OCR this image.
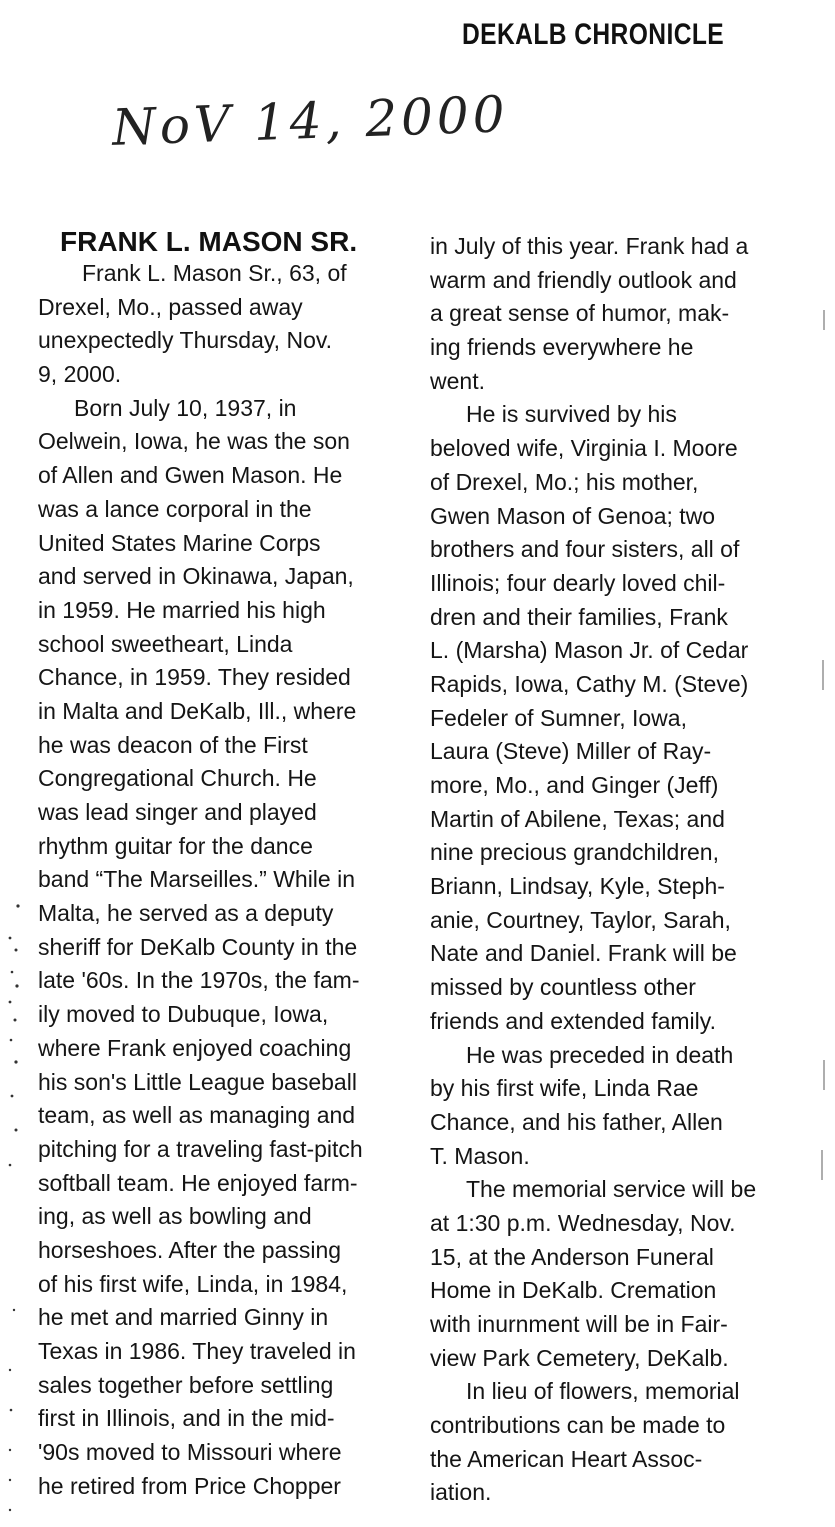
DEKALB CHRONICLE
NoV 14, 2000
FRANK L. MASON SR.
Frank L. Mason Sr., 63, of
Drexel, Mo., passed away
unexpectedly Thursday, Nov.
9, 2000.
Born July 10, 1937, in
Oelwein, Iowa, he was the son
of Allen and Gwen Mason. He
was a lance corporal in the
United States Marine Corps
and served in Okinawa, Japan,
in 1959. He married his high
school sweetheart, Linda
Chance, in 1959. They resided
in Malta and DeKalb, Ill., where
he was deacon of the First
Congregational Church. He
was lead singer and played
rhythm guitar for the dance
band “The Marseilles.” While in
Malta, he served as a deputy
sheriff for DeKalb County in the
late '60s. In the 1970s, the fam-
ily moved to Dubuque, Iowa,
where Frank enjoyed coaching
his son's Little League baseball
team, as well as managing and
pitching for a traveling fast-pitch
softball team. He enjoyed farm-
ing, as well as bowling and
horseshoes. After the passing
of his first wife, Linda, in 1984,
he met and married Ginny in
Texas in 1986. They traveled in
sales together before settling
first in Illinois, and in the mid-
'90s moved to Missouri where
he retired from Price Chopper
in July of this year. Frank had a
warm and friendly outlook and
a great sense of humor, mak-
ing friends everywhere he
went.
He is survived by his
beloved wife, Virginia I. Moore
of Drexel, Mo.; his mother,
Gwen Mason of Genoa; two
brothers and four sisters, all of
Illinois; four dearly loved chil-
dren and their families, Frank
L. (Marsha) Mason Jr. of Cedar
Rapids, Iowa, Cathy M. (Steve)
Fedeler of Sumner, Iowa,
Laura (Steve) Miller of Ray-
more, Mo., and Ginger (Jeff)
Martin of Abilene, Texas; and
nine precious grandchildren,
Briann, Lindsay, Kyle, Steph-
anie, Courtney, Taylor, Sarah,
Nate and Daniel. Frank will be
missed by countless other
friends and extended family.
He was preceded in death
by his first wife, Linda Rae
Chance, and his father, Allen
T. Mason.
The memorial service will be
at 1:30 p.m. Wednesday, Nov.
15, at the Anderson Funeral
Home in DeKalb. Cremation
with inurnment will be in Fair-
view Park Cemetery, DeKalb.
In lieu of flowers, memorial
contributions can be made to
the American Heart Assoc-
iation.
